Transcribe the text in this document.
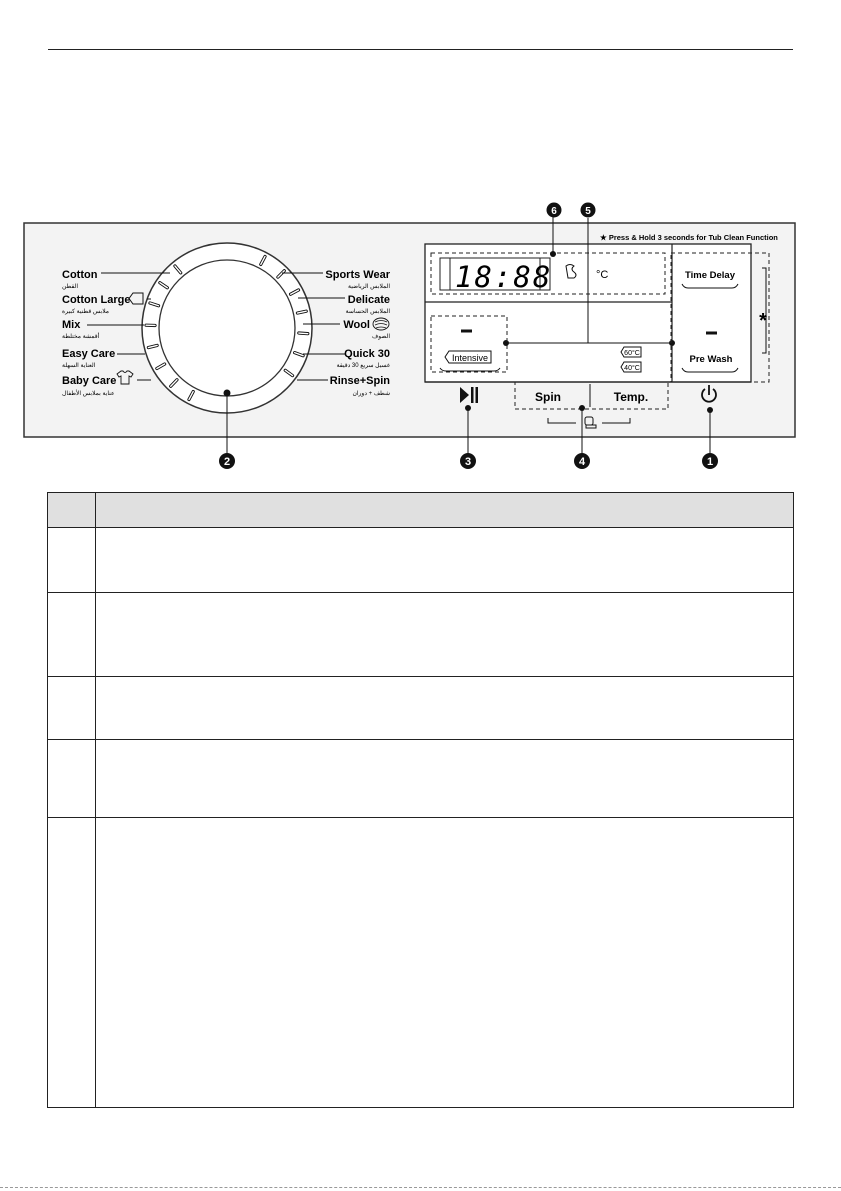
★ Press & Hold 3 seconds for Tub Clean Function
Cotton
القطن
Cotton Large
ملابس قطنية كبيرة
Mix
أقمشة مختلطة
Easy Care
العناية السهلة
Baby Care
عناية بملابس الأطفال
Sports Wear
الملابس الرياضية
Delicate
الملابس الحساسة
Wool
الصوف
Quick 30
غسيل سريع 30 دقيقة
Rinse+Spin
شطف + دوران
18:88	°C
6	5
Intensive	60°C
40°C
Time Delay
Pre Wash
*
Spin	Temp.
2	3	4	1
